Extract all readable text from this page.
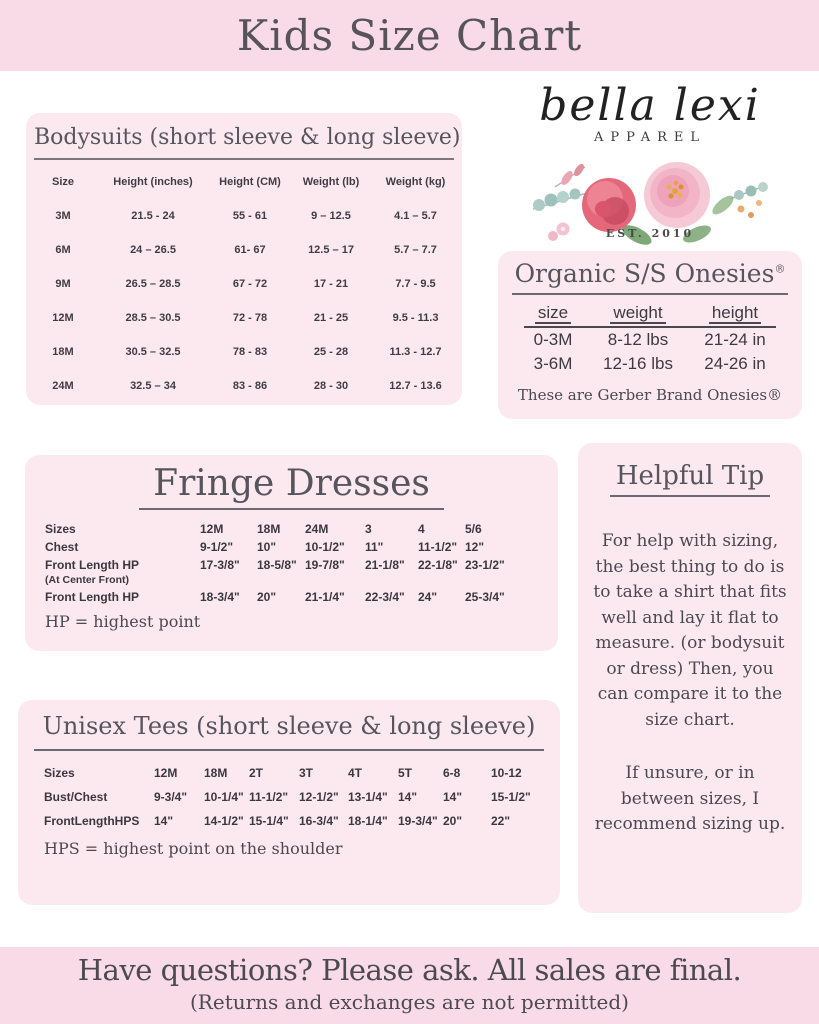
Kids Size Chart
Bodysuits (short sleeve & long sleeve)
Size	Height (inches)	Height (CM)	Weight (lb)	Weight (kg)
3M	21.5 - 24	55 - 61	9 – 12.5	4.1 – 5.7
6M	24 – 26.5	61- 67	12.5 – 17	5.7 – 7.7
9M	26.5 – 28.5	67 - 72	17 - 21	7.7 - 9.5
12M	28.5 – 30.5	72 - 78	21 - 25	9.5 - 11.3
18M	30.5 – 32.5	78 - 83	25 - 28	11.3 - 12.7
24M	32.5 – 34	83 - 86	28 - 30	12.7 - 13.6
bella lexi
APPAREL
EST. 2010
Organic S/S Onesies®
size	weight	height
0-3M	8-12 lbs	21-24 in
3-6M	12-16 lbs	24-26 in
These are Gerber Brand Onesies®
Fringe Dresses
Sizes	12M	18M	24M	3	4	5/6
Chest	9-1/2"	10"	10-1/2"	11"	11-1/2" 12"
Front Length HP	17-3/8"	18-5/8" 19-7/8"	21-1/8"	22-1/8" 23-1/2"
(At Center Front)
Front Length HP	18-3/4"	20"	21-1/4"	22-3/4"	24"	25-3/4"
HP = highest point
Helpful Tip

For help with sizing, the best thing to do is to take a shirt that fits well and lay it flat to measure. (or bodysuit or dress) Then, you can compare it to the size chart.

If unsure, or in between sizes, I recommend sizing up.

Unisex Tees (short sleeve & long sleeve)
Sizes	12M	18M	2T	3T	4T	5T	6-8	10-12
Bust/Chest	9-3/4"	10-1/4" 11-1/2" 12-1/2" 13-1/4" 14"	14"	15-1/2"
FrontLengthHPS	14"	14-1/2" 15-1/4" 16-3/4" 18-1/4" 19-3/4" 20"	22"
HPS = highest point on the shoulder
Have questions? Please ask. All sales are final.
(Returns and exchanges are not permitted)
